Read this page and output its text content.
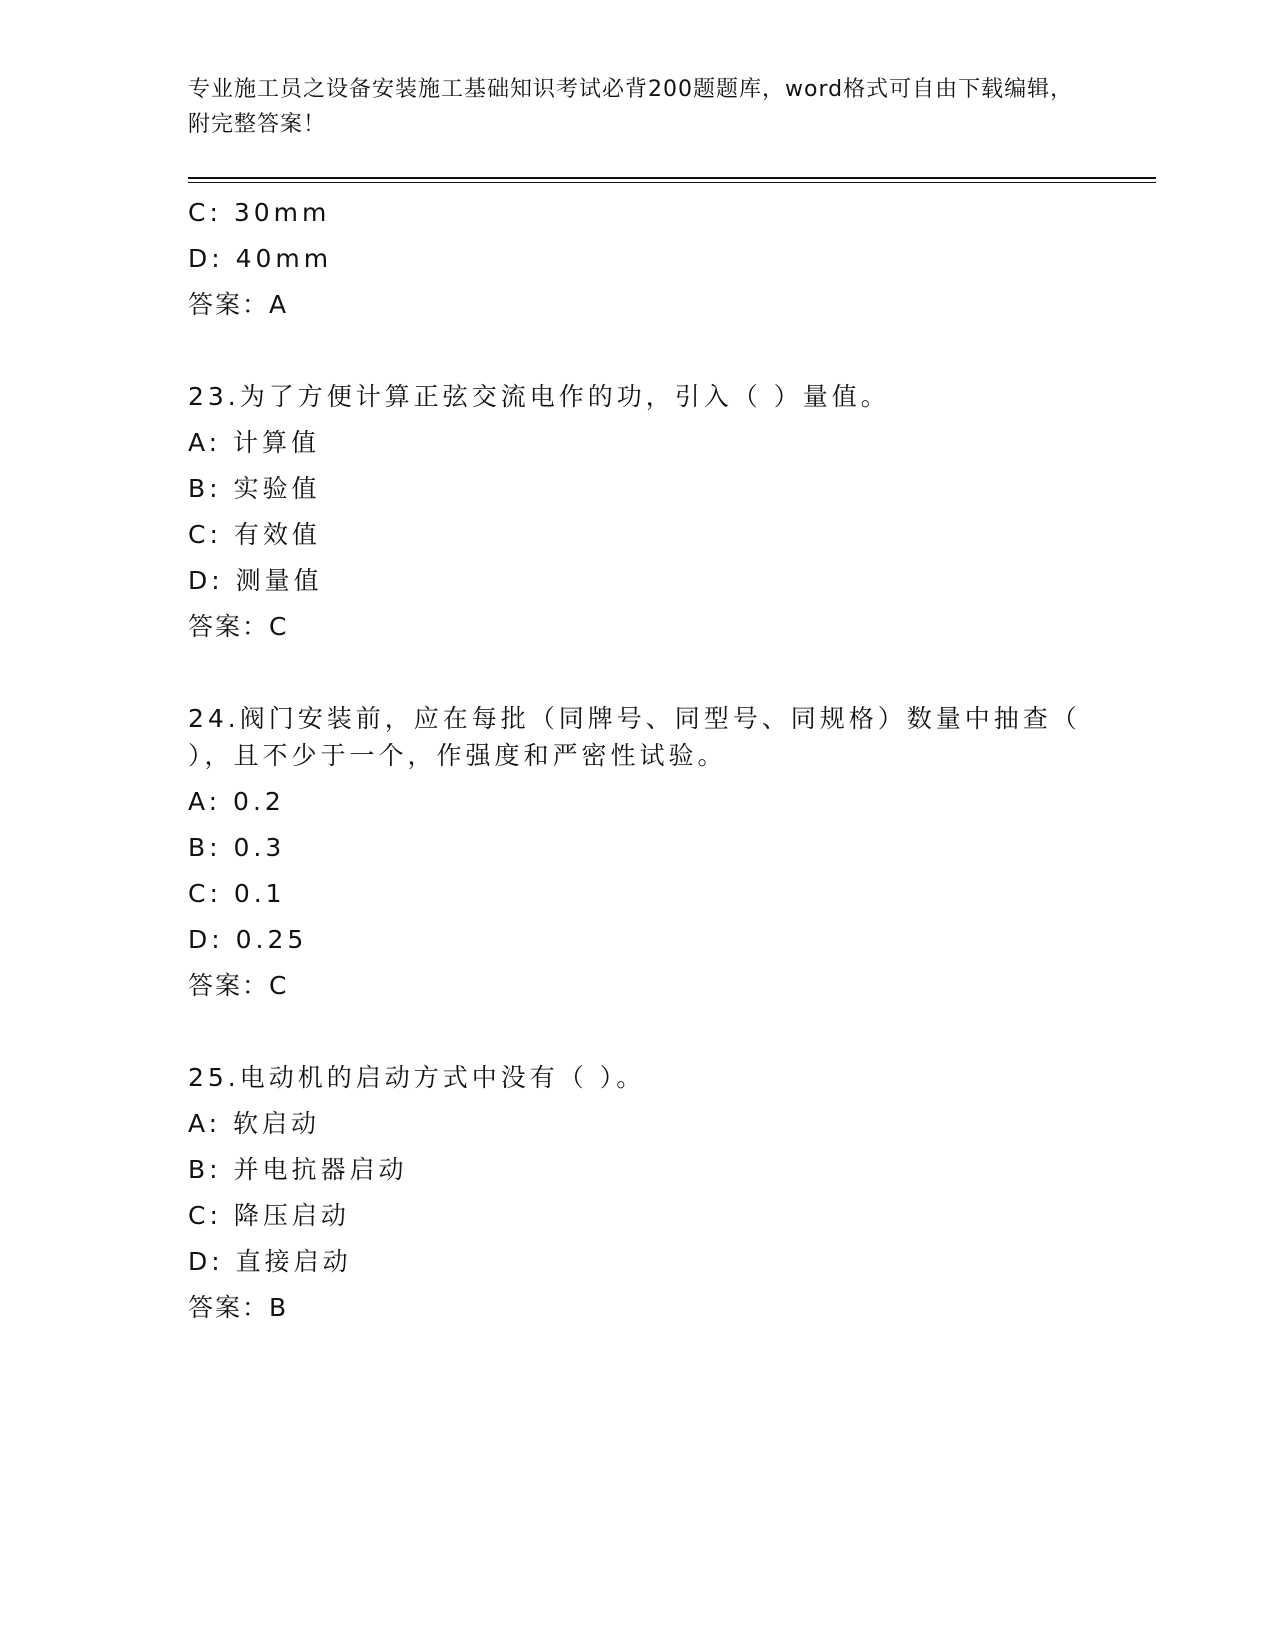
专业施工员之设备安装施工基础知识考试必背200题题库，word格式可自由下载编辑，附完整答案！
C: 30mm
D: 40mm
答案：A
23.为了方便计算正弦交流电作的功，引入（ ）量值。
A: 计算值
B: 实验值
C: 有效值
D: 测量值
答案：C
24.阀门安装前，应在每批（同牌号、同型号、同规格）数量中抽查（ ），且不少于一个，作强度和严密性试验。
A: 0.2
B: 0.3
C: 0.1
D: 0.25
答案：C
25.电动机的启动方式中没有（ ）。
A: 软启动
B: 并电抗器启动
C: 降压启动
D: 直接启动
答案：B
